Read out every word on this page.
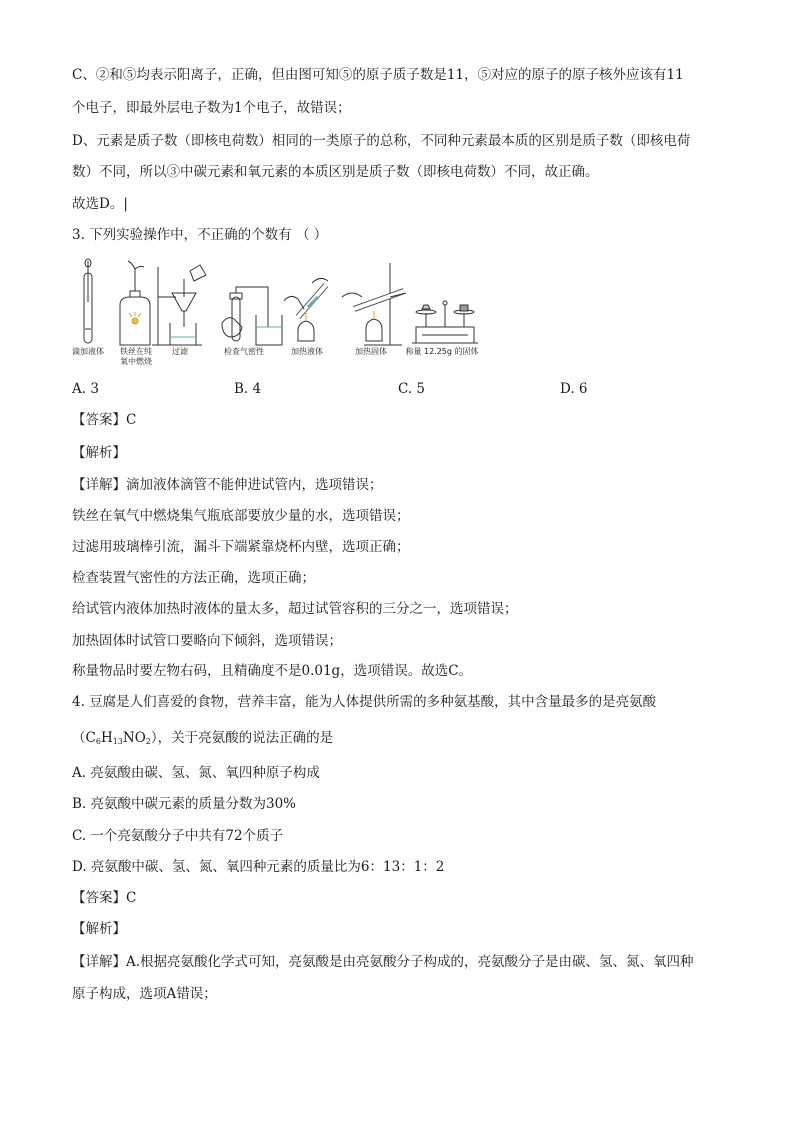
C、②和⑤均表示阳离子，正确，但由图可知⑤的原子质子数是11，⑤对应的原子的原子核外应该有11
个电子，即最外层电子数为1个电子，故错误；
D、元素是质子数（即核电荷数）相同的一类原子的总称，不同种元素最本质的区别是质子数（即核电荷
数）不同，所以③中碳元素和氧元素的本质区别是质子数（即核电荷数）不同，故正确。
故选D。|
3. 下列实验操作中，不正确的个数有 （ ）
滴加液体	铁丝在纯
氧中燃烧
过滤	检查气密性	加热液体	加热固体	称量 12.25g 的固体
A. 3	B. 4	C. 5	D. 6
【答案】C
【解析】
【详解】滴加液体滴管不能伸进试管内，选项错误；
铁丝在氧气中燃烧集气瓶底部要放少量的水，选项错误；
过滤用玻璃棒引流，漏斗下端紧靠烧杯内壁，选项正确；
检查装置气密性的方法正确，选项正确；
给试管内液体加热时液体的量太多，超过试管容积的三分之一，选项错误；
加热固体时试管口要略向下倾斜，选项错误；
称量物品时要左物右码，且精确度不是0.01g，选项错误。故选C。
4. 豆腐是人们喜爱的食物，营养丰富，能为人体提供所需的多种氨基酸，其中含量最多的是亮氨酸
$(C_6H_{13}NO_2)$，关于亮氨酸的说法正确的是
A. 亮氨酸由碳、氢、氮、氧四种原子构成
B. 亮氨酸中碳元素的质量分数为30%
C. 一个亮氨酸分子中共有72个质子
D. 亮氨酸中碳、氢、氮、氧四种元素的质量比为6：13：1：2
【答案】C
【解析】
【详解】A.根据亮氨酸化学式可知，亮氨酸是由亮氨酸分子构成的，亮氨酸分子是由碳、氢、氮、氧四种
原子构成，选项A错误；
